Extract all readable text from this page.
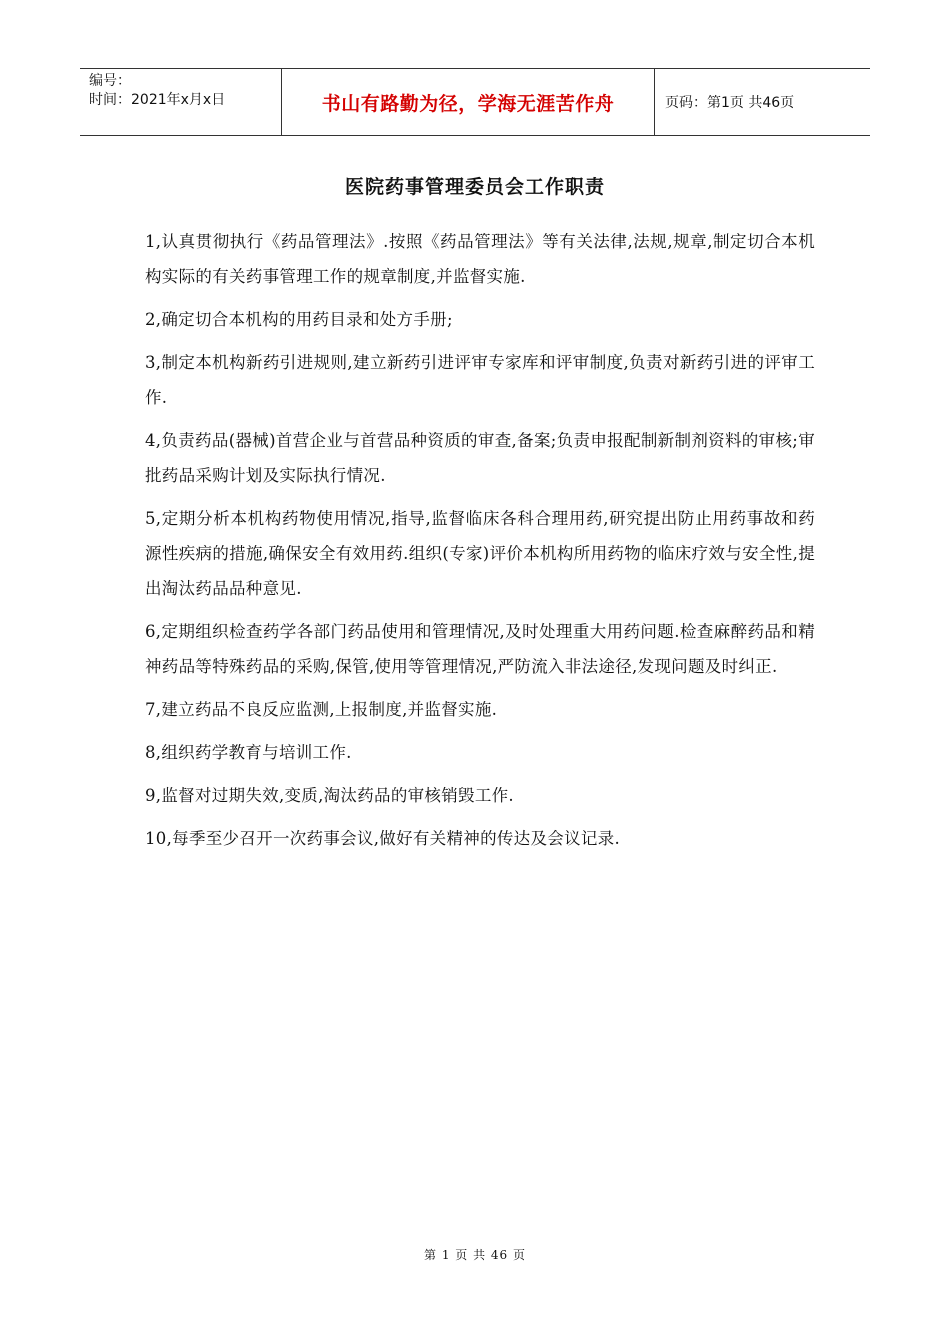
编号：
时间：2021年x月x日	书山有路勤为径，学海无涯苦作舟	页码：第1页 共46页
医院药事管理委员会工作职责

1,认真贯彻执行《药品管理法》.按照《药品管理法》等有关法律,法规,规章,制定切合本机构实际的有关药事管理工作的规章制度,并监督实施.

2,确定切合本机构的用药目录和处方手册;

3,制定本机构新药引进规则,建立新药引进评审专家库和评审制度,负责对新药引进的评审工作.

4,负责药品(器械)首营企业与首营品种资质的审查,备案;负责申报配制新制剂资料的审核;审批药品采购计划及实际执行情况.

5,定期分析本机构药物使用情况,指导,监督临床各科合理用药,研究提出防止用药事故和药源性疾病的措施,确保安全有效用药.组织(专家)评价本机构所用药物的临床疗效与安全性,提出淘汰药品品种意见.

6,定期组织检查药学各部门药品使用和管理情况,及时处理重大用药问题.检查麻醉药品和精神药品等特殊药品的采购,保管,使用等管理情况,严防流入非法途径,发现问题及时纠正.

7,建立药品不良反应监测,上报制度,并监督实施.

8,组织药学教育与培训工作.

9,监督对过期失效,变质,淘汰药品的审核销毁工作.

10,每季至少召开一次药事会议,做好有关精神的传达及会议记录.

第 1 页 共 46 页
